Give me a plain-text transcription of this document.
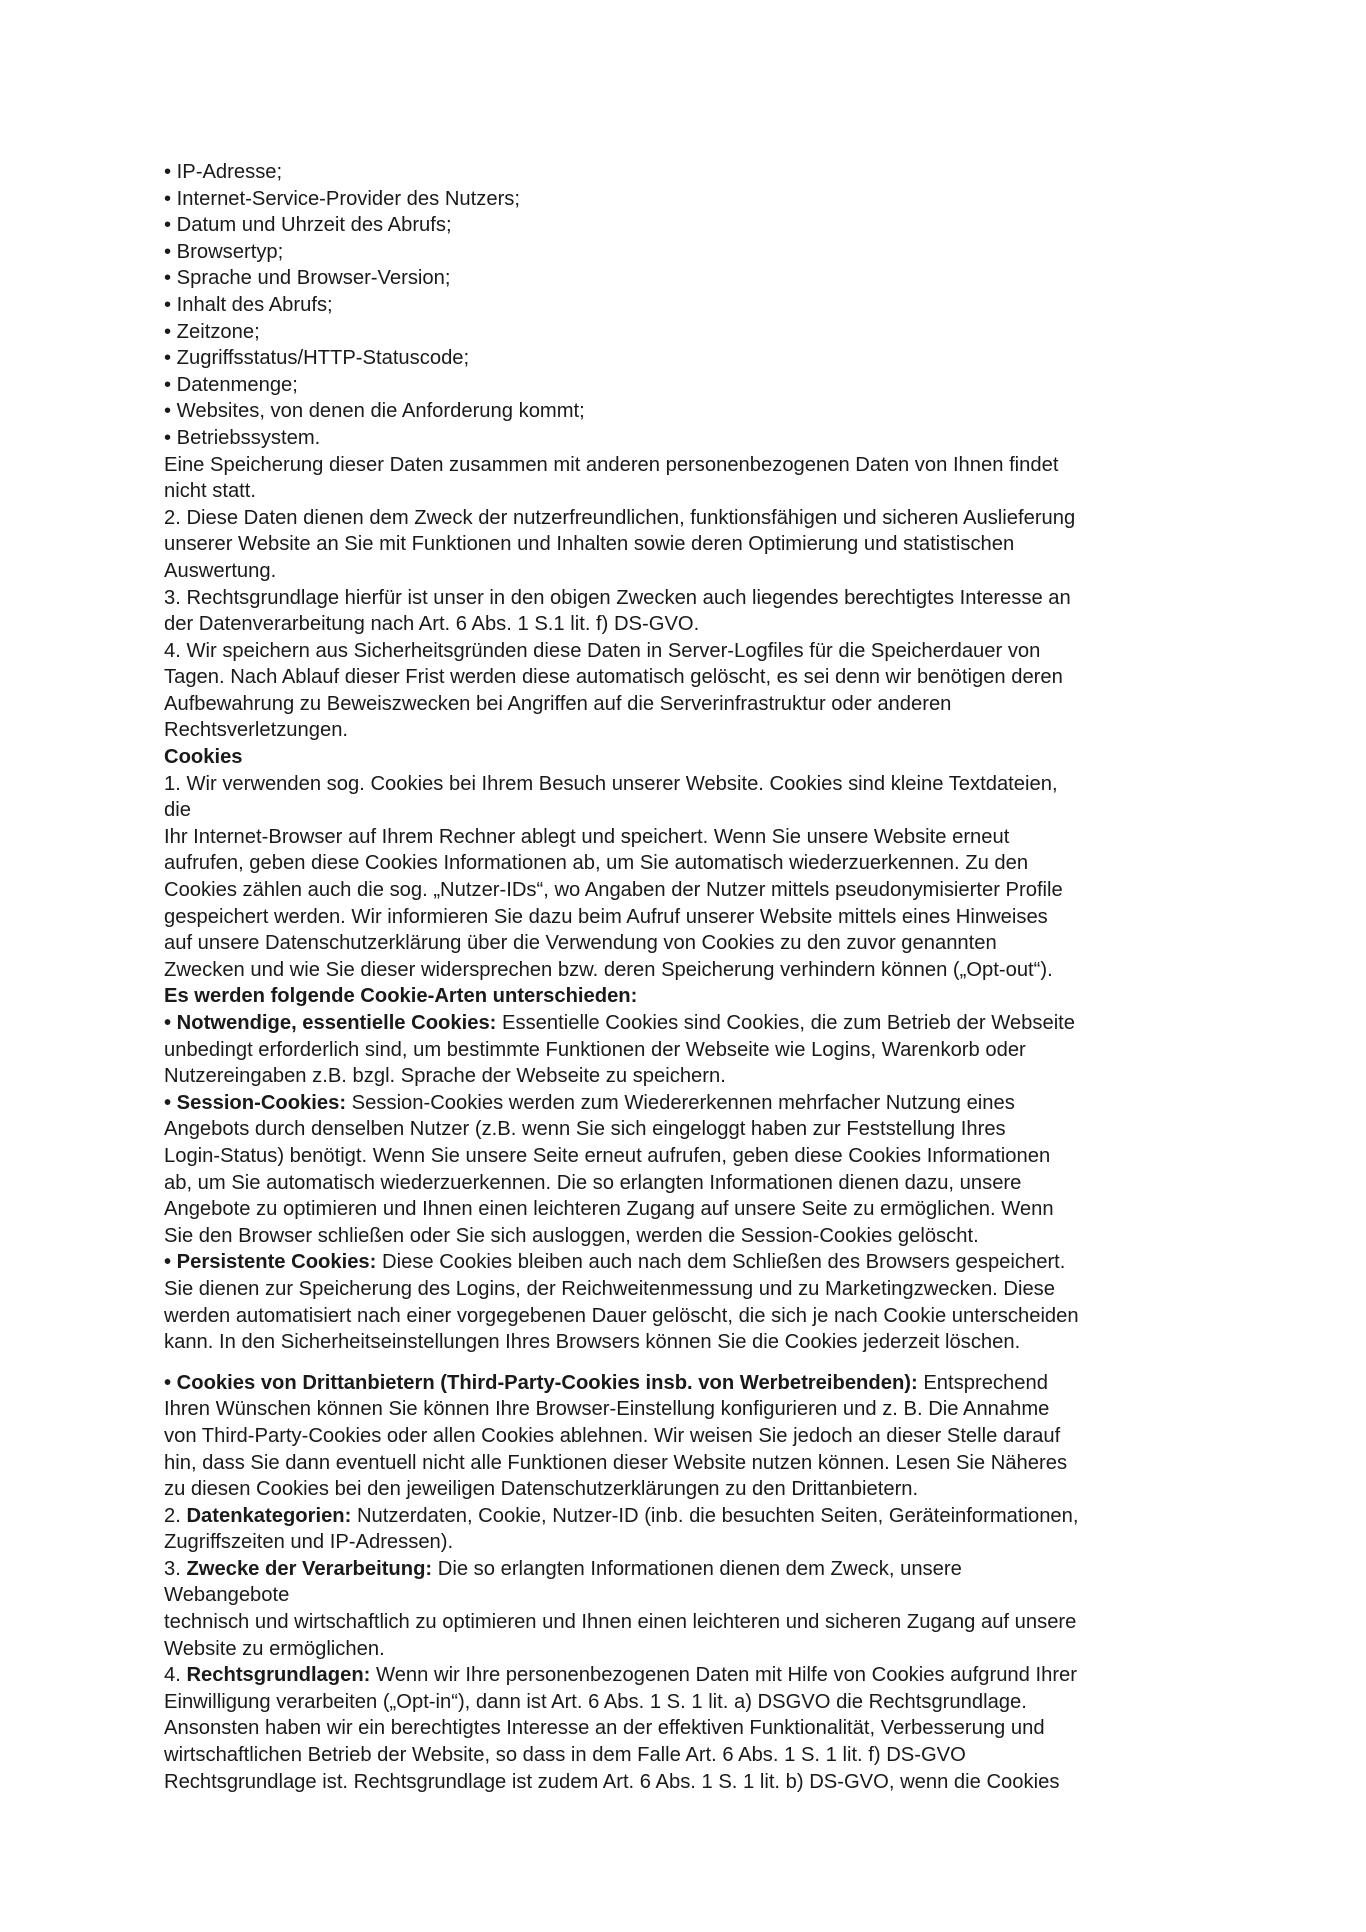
• IP-Adresse;
• Internet-Service-Provider des Nutzers;
• Datum und Uhrzeit des Abrufs;
• Browsertyp;
• Sprache und Browser-Version;
• Inhalt des Abrufs;
• Zeitzone;
• Zugriffsstatus/HTTP-Statuscode;
• Datenmenge;
• Websites, von denen die Anforderung kommt;
• Betriebssystem.
Eine Speicherung dieser Daten zusammen mit anderen personenbezogenen Daten von Ihnen findet
nicht statt.
2. Diese Daten dienen dem Zweck der nutzerfreundlichen, funktionsfähigen und sicheren Auslieferung
unserer Website an Sie mit Funktionen und Inhalten sowie deren Optimierung und statistischen
Auswertung.
3. Rechtsgrundlage hierfür ist unser in den obigen Zwecken auch liegendes berechtigtes Interesse an
der Datenverarbeitung nach Art. 6 Abs. 1 S.1 lit. f) DS-GVO.
4. Wir speichern aus Sicherheitsgründen diese Daten in Server-Logfiles für die Speicherdauer von
Tagen. Nach Ablauf dieser Frist werden diese automatisch gelöscht, es sei denn wir benötigen deren
Aufbewahrung zu Beweiszwecken bei Angriffen auf die Serverinfrastruktur oder anderen
Rechtsverletzungen.
Cookies
1. Wir verwenden sog. Cookies bei Ihrem Besuch unserer Website. Cookies sind kleine Textdateien,
die
Ihr Internet-Browser auf Ihrem Rechner ablegt und speichert. Wenn Sie unsere Website erneut
aufrufen, geben diese Cookies Informationen ab, um Sie automatisch wiederzuerkennen. Zu den
Cookies zählen auch die sog. „Nutzer-IDs“, wo Angaben der Nutzer mittels pseudonymisierter Profile
gespeichert werden. Wir informieren Sie dazu beim Aufruf unserer Website mittels eines Hinweises
auf unsere Datenschutzerklärung über die Verwendung von Cookies zu den zuvor genannten
Zwecken und wie Sie dieser widersprechen bzw. deren Speicherung verhindern können („Opt-out“).
Es werden folgende Cookie-Arten unterschieden:
• Notwendige, essentielle Cookies: Essentielle Cookies sind Cookies, die zum Betrieb der Webseite
unbedingt erforderlich sind, um bestimmte Funktionen der Webseite wie Logins, Warenkorb oder
Nutzereingaben z.B. bzgl. Sprache der Webseite zu speichern.
• Session-Cookies: Session-Cookies werden zum Wiedererkennen mehrfacher Nutzung eines
Angebots durch denselben Nutzer (z.B. wenn Sie sich eingeloggt haben zur Feststellung Ihres
Login-Status) benötigt. Wenn Sie unsere Seite erneut aufrufen, geben diese Cookies Informationen
ab, um Sie automatisch wiederzuerkennen. Die so erlangten Informationen dienen dazu, unsere
Angebote zu optimieren und Ihnen einen leichteren Zugang auf unsere Seite zu ermöglichen. Wenn
Sie den Browser schließen oder Sie sich ausloggen, werden die Session-Cookies gelöscht.
• Persistente Cookies: Diese Cookies bleiben auch nach dem Schließen des Browsers gespeichert.
Sie dienen zur Speicherung des Logins, der Reichweitenmessung und zu Marketingzwecken. Diese
werden automatisiert nach einer vorgegebenen Dauer gelöscht, die sich je nach Cookie unterscheiden
kann. In den Sicherheitseinstellungen Ihres Browsers können Sie die Cookies jederzeit löschen.
• Cookies von Drittanbietern (Third-Party-Cookies insb. von Werbetreibenden): Entsprechend
Ihren Wünschen können Sie können Ihre Browser-Einstellung konfigurieren und z. B. Die Annahme
von Third-Party-Cookies oder allen Cookies ablehnen. Wir weisen Sie jedoch an dieser Stelle darauf
hin, dass Sie dann eventuell nicht alle Funktionen dieser Website nutzen können. Lesen Sie Näheres
zu diesen Cookies bei den jeweiligen Datenschutzerklärungen zu den Drittanbietern.
2. Datenkategorien: Nutzerdaten, Cookie, Nutzer-ID (inb. die besuchten Seiten, Geräteinformationen,
Zugriffszeiten und IP-Adressen).
3. Zwecke der Verarbeitung: Die so erlangten Informationen dienen dem Zweck, unsere
Webangebote
technisch und wirtschaftlich zu optimieren und Ihnen einen leichteren und sicheren Zugang auf unsere
Website zu ermöglichen.
4. Rechtsgrundlagen: Wenn wir Ihre personenbezogenen Daten mit Hilfe von Cookies aufgrund Ihrer
Einwilligung verarbeiten („Opt-in“), dann ist Art. 6 Abs. 1 S. 1 lit. a) DSGVO die Rechtsgrundlage.
Ansonsten haben wir ein berechtigtes Interesse an der effektiven Funktionalität, Verbesserung und
wirtschaftlichen Betrieb der Website, so dass in dem Falle Art. 6 Abs. 1 S. 1 lit. f) DS-GVO
Rechtsgrundlage ist. Rechtsgrundlage ist zudem Art. 6 Abs. 1 S. 1 lit. b) DS-GVO, wenn die Cookies
